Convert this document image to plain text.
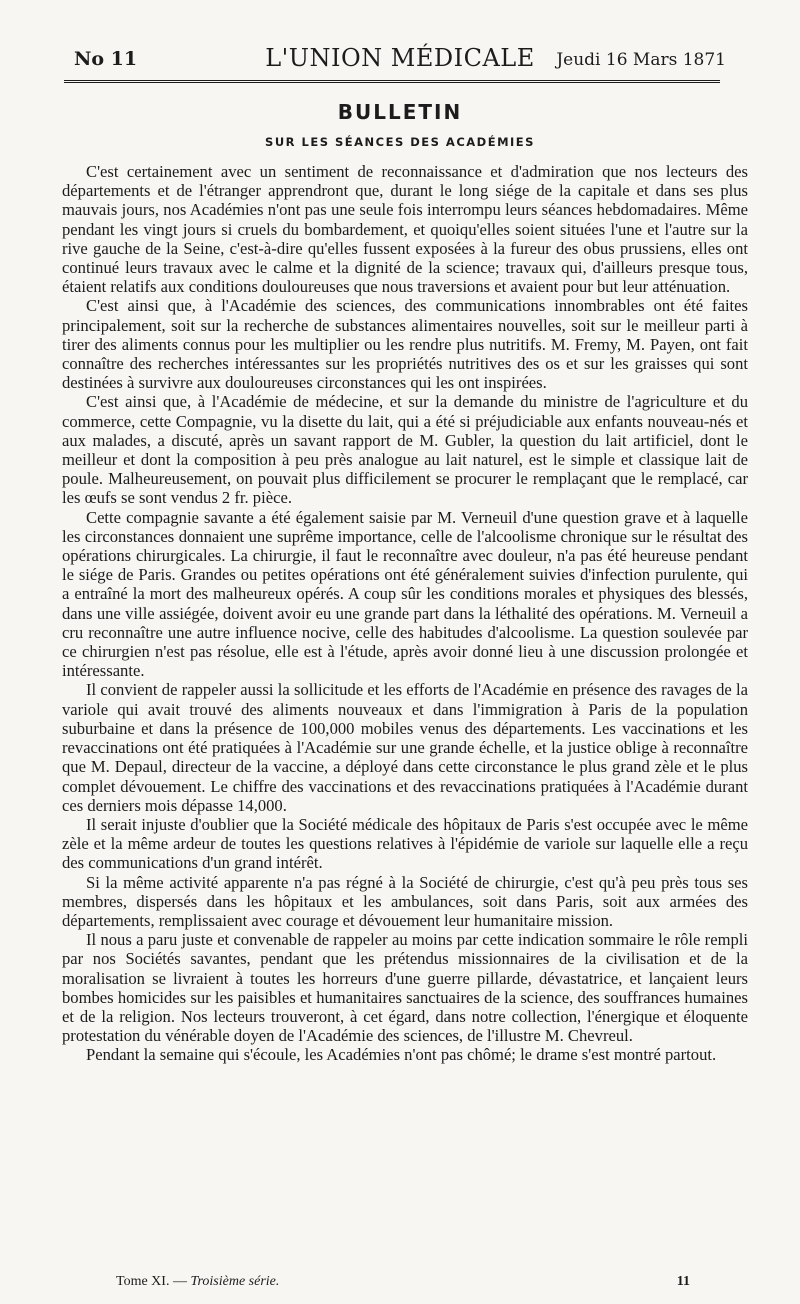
No 11	L'UNION MÉDICALE	Jeudi 16 Mars 1871
BULLETIN
SUR LES SÉANCES DES ACADÉMIES

C'est certainement avec un sentiment de reconnaissance et d'admiration que nos lecteurs des départements et de l'étranger apprendront que, durant le long siége de la capitale et dans ses plus mauvais jours, nos Académies n'ont pas une seule fois interrompu leurs séances hebdomadaires. Même pendant les vingt jours si cruels du bombardement, et quoiqu'elles soient situées l'une et l'autre sur la rive gauche de la Seine, c'est-à-dire qu'elles fussent exposées à la fureur des obus prussiens, elles ont continué leurs travaux avec le calme et la dignité de la science; travaux qui, d'ailleurs presque tous, étaient relatifs aux conditions douloureuses que nous traversions et avaient pour but leur atténuation.

C'est ainsi que, à l'Académie des sciences, des communications innombrables ont été faites principalement, soit sur la recherche de substances alimentaires nouvelles, soit sur le meilleur parti à tirer des aliments connus pour les multiplier ou les rendre plus nutritifs. M. Fremy, M. Payen, ont fait connaître des recherches intéressantes sur les propriétés nutritives des os et sur les graisses qui sont destinées à survivre aux douloureuses circonstances qui les ont inspirées.

C'est ainsi que, à l'Académie de médecine, et sur la demande du ministre de l'agriculture et du commerce, cette Compagnie, vu la disette du lait, qui a été si préjudiciable aux enfants nouveau-nés et aux malades, a discuté, après un savant rapport de M. Gubler, la question du lait artificiel, dont le meilleur et dont la composition à peu près analogue au lait naturel, est le simple et classique lait de poule. Malheureusement, on pouvait plus difficilement se procurer le remplaçant que le remplacé, car les œufs se sont vendus 2 fr. pièce.

Cette compagnie savante a été également saisie par M. Verneuil d'une question grave et à laquelle les circonstances donnaient une suprême importance, celle de l'alcoolisme chronique sur le résultat des opérations chirurgicales. La chirurgie, il faut le reconnaître avec douleur, n'a pas été heureuse pendant le siége de Paris. Grandes ou petites opérations ont été généralement suivies d'infection purulente, qui a entraîné la mort des malheureux opérés. A coup sûr les conditions morales et physiques des blessés, dans une ville assiégée, doivent avoir eu une grande part dans la léthalité des opérations. M. Verneuil a cru reconnaître une autre influence nocive, celle des habitudes d'alcoolisme. La question soulevée par ce chirurgien n'est pas résolue, elle est à l'étude, après avoir donné lieu à une discussion prolongée et intéressante.

Il convient de rappeler aussi la sollicitude et les efforts de l'Académie en présence des ravages de la variole qui avait trouvé des aliments nouveaux et dans l'immigration à Paris de la population suburbaine et dans la présence de 100,000 mobiles venus des départements. Les vaccinations et les revaccinations ont été pratiquées à l'Académie sur une grande échelle, et la justice oblige à reconnaître que M. Depaul, directeur de la vaccine, a déployé dans cette circonstance le plus grand zèle et le plus complet dévouement. Le chiffre des vaccinations et des revaccinations pratiquées à l'Académie durant ces derniers mois dépasse 14,000.

Il serait injuste d'oublier que la Société médicale des hôpitaux de Paris s'est occupée avec le même zèle et la même ardeur de toutes les questions relatives à l'épidémie de variole sur laquelle elle a reçu des communications d'un grand intérêt.

Si la même activité apparente n'a pas régné à la Société de chirurgie, c'est qu'à peu près tous ses membres, dispersés dans les hôpitaux et les ambulances, soit dans Paris, soit aux armées des départements, remplissaient avec courage et dévouement leur humanitaire mission.

Il nous a paru juste et convenable de rappeler au moins par cette indication sommaire le rôle rempli par nos Sociétés savantes, pendant que les prétendus missionnaires de la civilisation et de la moralisation se livraient à toutes les horreurs d'une guerre pillarde, dévastatrice, et lançaient leurs bombes homicides sur les paisibles et humanitaires sanctuaires de la science, des souffrances humaines et de la religion. Nos lecteurs trouveront, à cet égard, dans notre collection, l'énergique et éloquente protestation du vénérable doyen de l'Académie des sciences, de l'illustre M. Chevreul.

Pendant la semaine qui s'écoule, les Académies n'ont pas chômé; le drame s'est montré partout.

Tome XI. — Troisième série.	11
